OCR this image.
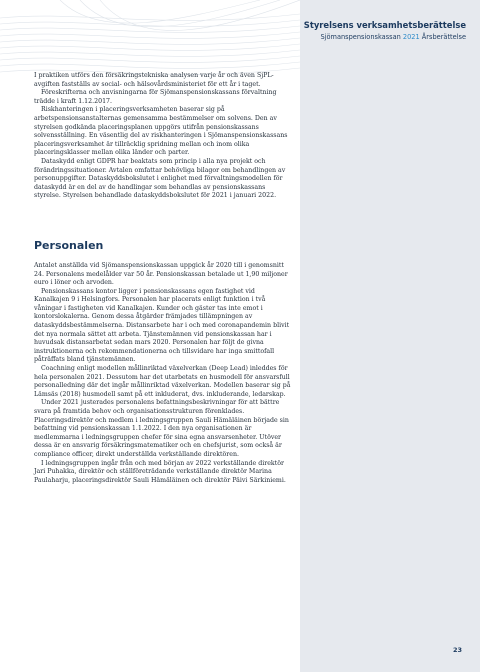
Styrelsens verksamhetsberättelse
Sjömanspensionskassan 2021 Årsberättelse

I praktiken utförs den försäkringstekniska analysen varje år och även SjPL-avgiften fastställs av social- och hälsovårdsministeriet för ett år i taget.

Föreskrifterna och anvisningarna för Sjömanspensionskassans förvaltning trädde i kraft 1.12.2017.

Riskhanteringen i placeringsverksamheten baserar sig på arbetspensionsanstalternas gemensamma bestämmelser om solvens. Den av styrelsen godkända placeringsplanen uppgörs utifrån pensionskassans solvensställning. En väsentlig del av riskhanteringen i Sjömanspensionskassans placeringsverksamhet är tillräcklig spridning mellan och inom olika placeringsklasser mellan olika länder och parter.

Dataskydd enligt GDPR har beaktats som princip i alla nya projekt och förändringssituationer. Avtalen omfattar behövliga bilagor om behandlingen av personuppgifter. Dataskyddsbokslutet i enlighet med förvaltningsmodellen för dataskydd är en del av de handlingar som behandlas av pensionskassans styrelse. Styrelsen behandlade dataskyddsbokslutet för 2021 i januari 2022.

Personalen

Antalet anställda vid Sjömanspensionskassan uppgick år 2020 till i genomsnitt 24. Personalens medelålder var 50 år. Pensionskassan betalade ut 1,90 miljoner euro i löner och arvoden.

Pensionskassans kontor ligger i pensionskassans egen fastighet vid Kanalkajen 9 i Helsingfors. Personalen har placerats enligt funktion i två våningar i fastigheten vid Kanalkajen. Kunder och gäster tas inte emot i kontorslokalerna. Genom dessa åtgärder främjades tillämpningen av dataskyddsbestämmelserna. Distansarbete har i och med coronapandemin blivit det nya normala sättet att arbeta. Tjänstemännen vid pensionskassan har i huvudsak distansarbetat sedan mars 2020. Personalen har följt de givna instruktionerna och rekommendationerna och tillsvidare har inga smittofall påträffats bland tjänstemännen.

Coachning enligt modellen mållinriktad växelverkan (Deep Lead) inleddes för hela personalen 2021. Dessutom har det utarbetats en husmodell för ansvarsfull personalledning där det ingår mållinriktad växelverkan. Modellen baserar sig på Lämsäs (2018) husmodell samt på ett inkluderat, dvs. inkluderande, ledarskap.

Under 2021 justerades personalens befattningsbeskrivningar för att bättre svara på framtida behov och organisationsstrukturen förenklades. Placeringsdirektör och medlem i ledningsgruppen Sauli Hämäläinen började sin befattning vid pensionskassan 1.1.2022. I den nya organisationen är medlemmarna i ledningsgruppen chefer för sina egna ansvarsenheter. Utöver dessa är en ansvarig försäkringsmatematiker och en chefsjurist, som också är compliance officer, direkt underställda verkställande direktören.

I ledningsgruppen ingår från och med början av 2022 verkställande direktör Jari Puhakka, direktör och ställföreträdande verkställande direktör Marina Paulaharju, placeringsdirektör Sauli Hämäläinen och direktör Päivi Särkiniemi.

23
